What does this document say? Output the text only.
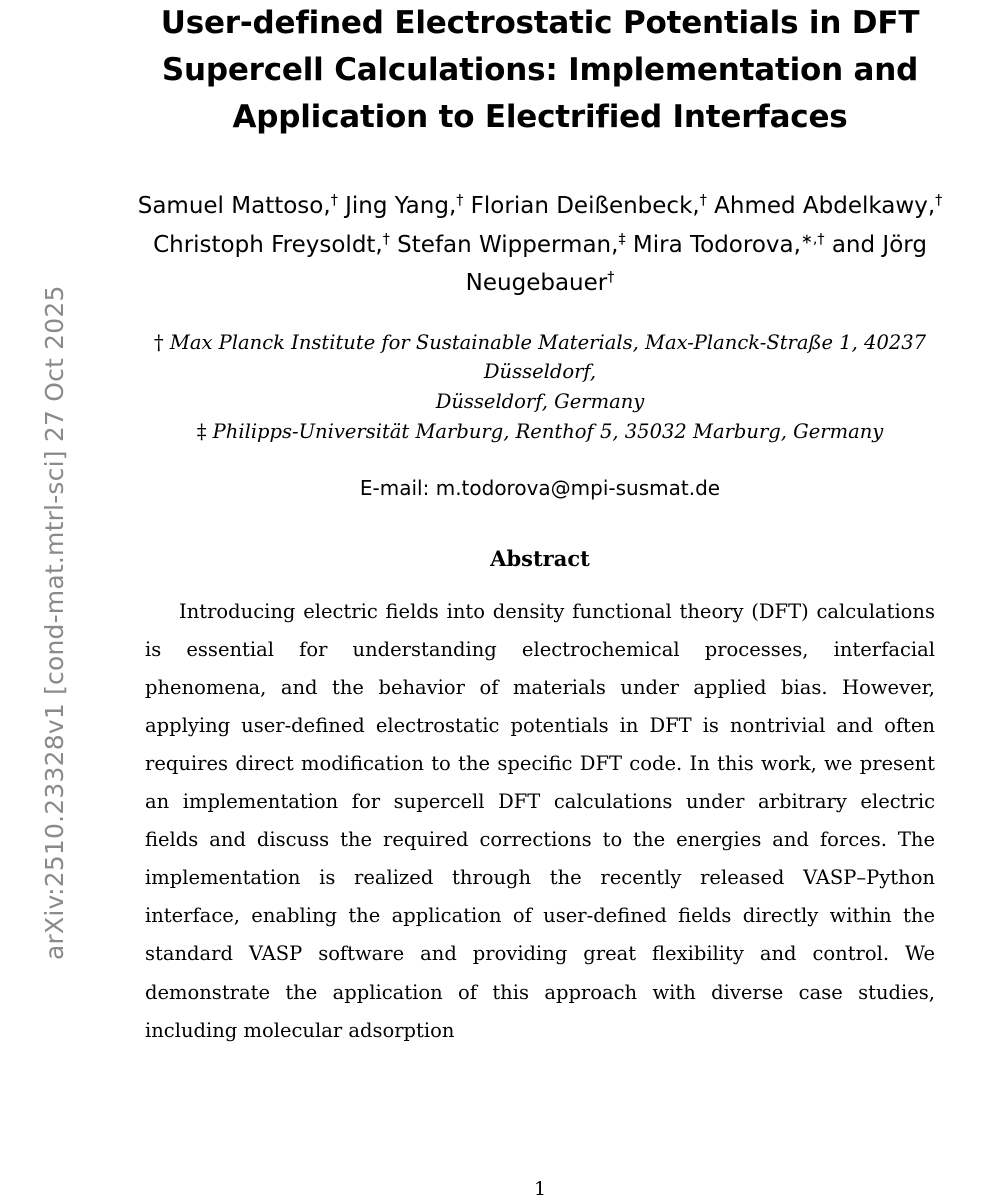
arXiv:2510.23328v1 [cond-mat.mtrl-sci] 27 Oct 2025
User-defined Electrostatic Potentials in DFT
Supercell Calculations: Implementation and
Application to Electrified Interfaces
Samuel Mattoso,† Jing Yang,† Florian Deißenbeck,† Ahmed Abdelkawy,†
Christoph Freysoldt,† Stefan Wipperman,‡ Mira Todorova,∗,† and Jörg
Neugebauer†
† Max Planck Institute for Sustainable Materials, Max-Planck-Straße 1, 40237 Düsseldorf,
Düsseldorf, Germany
‡ Philipps-Universität Marburg, Renthof 5, 35032 Marburg, Germany
E-mail: m.todorova@mpi-susmat.de
Abstract
Introducing electric fields into density functional theory (DFT) calculations is essential for understanding electrochemical processes, interfacial phenomena, and the behavior of materials under applied bias. However, applying user-defined electrostatic potentials in DFT is nontrivial and often requires direct modification to the specific DFT code. In this work, we present an implementation for supercell DFT calculations under arbitrary electric fields and discuss the required corrections to the energies and forces. The implementation is realized through the recently released VASP–Python interface, enabling the application of user-defined fields directly within the standard VASP software and providing great flexibility and control. We demonstrate the application of this approach with diverse case studies, including molecular adsorption
1
